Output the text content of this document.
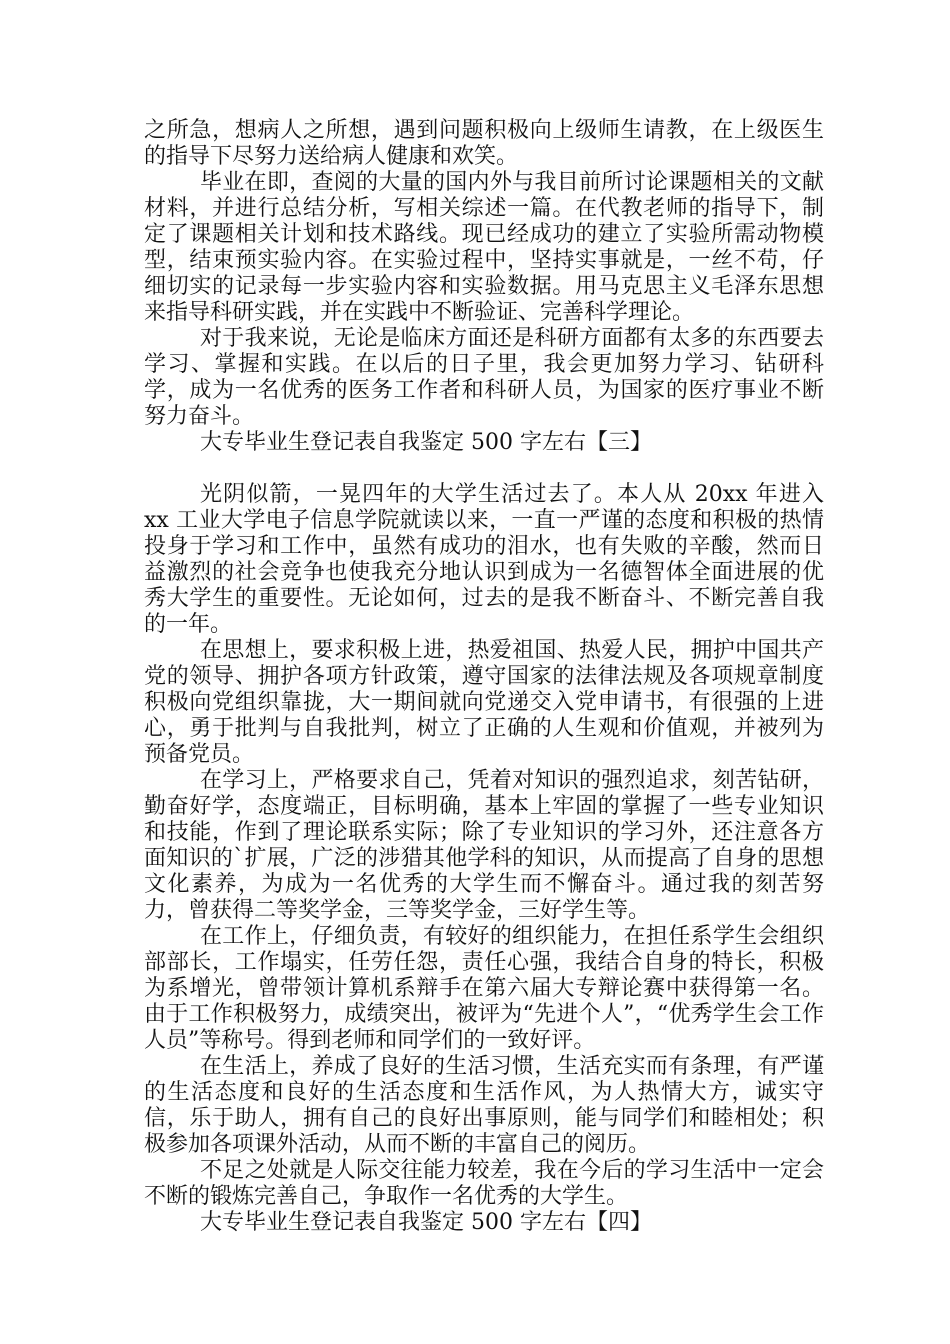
之所急，想病人之所想，遇到问题积极向上级师生请教，在上级医生的指导下尽努力送给病人健康和欢笑。

毕业在即，查阅的大量的国内外与我目前所讨论课题相关的文献材料，并进行总结分析，写相关综述一篇。在代教老师的指导下，制定了课题相关计划和技术路线。现已经成功的建立了实验所需动物模型，结束预实验内容。在实验过程中，坚持实事就是，一丝不苟，仔细切实的记录每一步实验内容和实验数据。用马克思主义毛泽东思想来指导科研实践，并在实践中不断验证、完善科学理论。

对于我来说，无论是临床方面还是科研方面都有太多的东西要去学习、掌握和实践。在以后的日子里，我会更加努力学习、钻研科学，成为一名优秀的医务工作者和科研人员，为国家的医疗事业不断努力奋斗。

大专毕业生登记表自我鉴定 500 字左右【三】

光阴似箭，一晃四年的大学生活过去了。本人从 20xx 年进入 xx 工业大学电子信息学院就读以来，一直一严谨的态度和积极的热情投身于学习和工作中，虽然有成功的泪水，也有失败的辛酸，然而日益激烈的社会竞争也使我充分地认识到成为一名德智体全面进展的优秀大学生的重要性。无论如何，过去的是我不断奋斗、不断完善自我的一年。

在思想上，要求积极上进，热爱祖国、热爱人民，拥护中国共产党的领导、拥护各项方针政策，遵守国家的法律法规及各项规章制度积极向党组织靠拢，大一期间就向党递交入党申请书，有很强的上进心，勇于批判与自我批判，树立了正确的人生观和价值观，并被列为预备党员。

在学习上，严格要求自己，凭着对知识的强烈追求，刻苦钻研，勤奋好学，态度端正，目标明确，基本上牢固的掌握了一些专业知识和技能，作到了理论联系实际；除了专业知识的学习外，还注意各方面知识的`扩展，广泛的涉猎其他学科的知识，从而提高了自身的思想文化素养，为成为一名优秀的大学生而不懈奋斗。通过我的刻苦努力，曾获得二等奖学金，三等奖学金，三好学生等。

在工作上，仔细负责，有较好的组织能力，在担任系学生会组织部部长，工作塌实，任劳任怨，责任心强，我结合自身的特长，积极为系增光，曾带领计算机系辩手在第六届大专辩论赛中获得第一名。由于工作积极努力，成绩突出，被评为“先进个人”，“优秀学生会工作人员”等称号。得到老师和同学们的一致好评。

在生活上，养成了良好的生活习惯，生活充实而有条理，有严谨的生活态度和良好的生活态度和生活作风，为人热情大方，诚实守信，乐于助人，拥有自己的良好出事原则，能与同学们和睦相处；积极参加各项课外活动，从而不断的丰富自己的阅历。

不足之处就是人际交往能力较差，我在今后的学习生活中一定会不断的锻炼完善自己，争取作一名优秀的大学生。

大专毕业生登记表自我鉴定 500 字左右【四】
